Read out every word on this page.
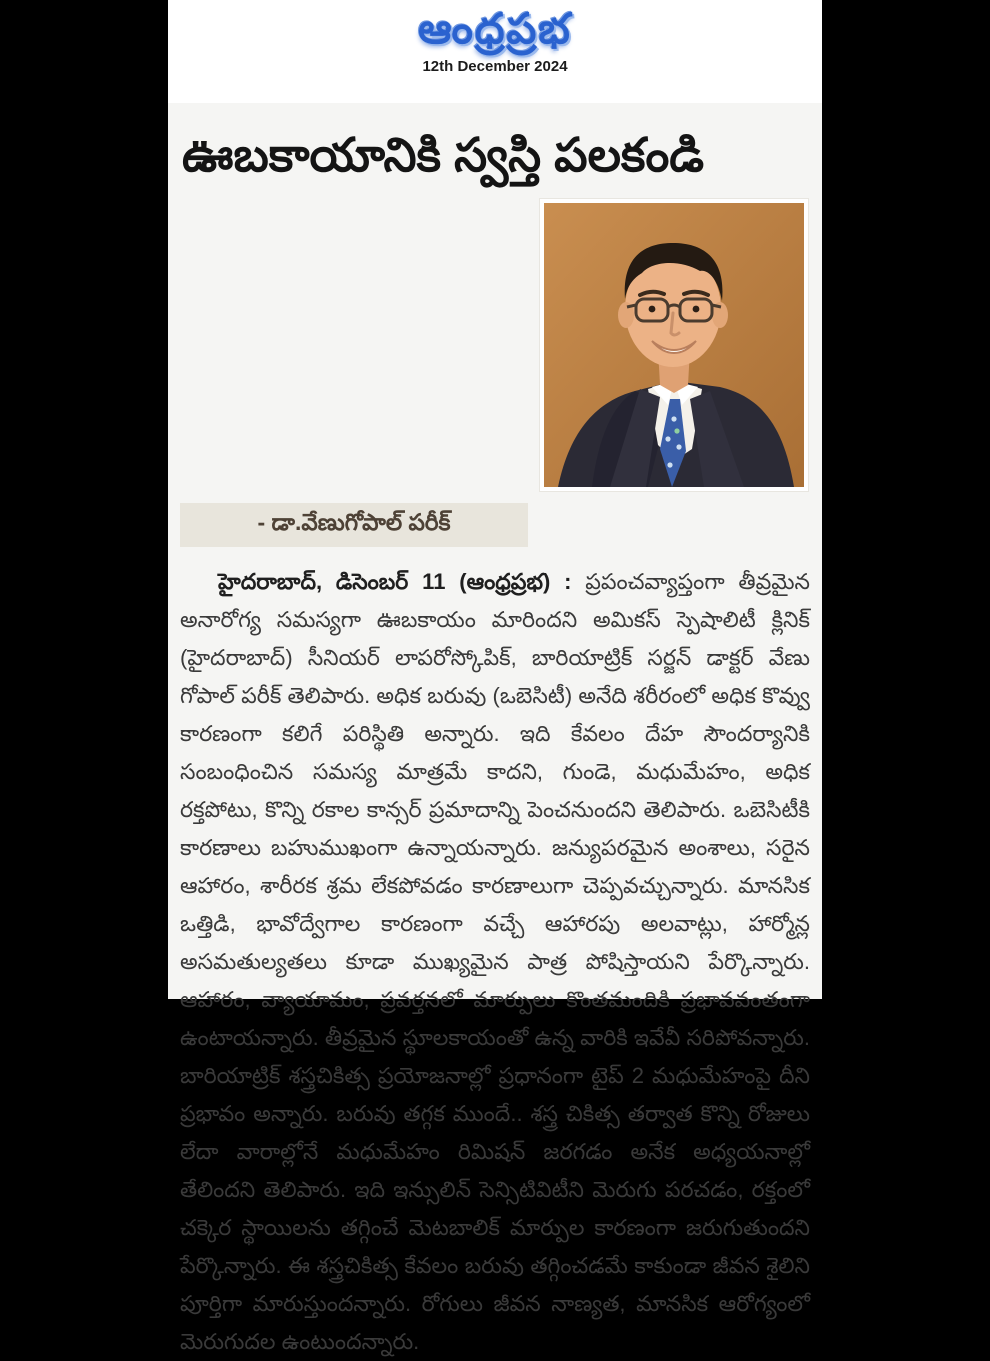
ఆంధ్రప్రభ
12th December 2024
ఊబకాయానికి స్వస్తి పలకండి
- డా.వేణుగోపాల్ పరీక్

హైదరాబాద్, డిసెంబర్ 11 (ఆంధ్రప్రభ) : ప్రపంచవ్యాప్తంగా తీవ్రమైన అనారోగ్య సమస్యగా ఊబకాయం మారిందని అమికస్ స్పెషాలిటీ క్లినిక్ (హైదరాబాద్) సీనియర్ లాపరోస్కోపిక్, బారియాట్రిక్ సర్జన్ డాక్టర్ వేణు గోపాల్ పరీక్ తెలిపారు. అధిక బరువు (ఒబెసిటీ) అనేది శరీరంలో అధిక కొవ్వు కారణంగా కలిగే పరిస్థితి అన్నారు. ఇది కేవలం దేహ సౌందర్యానికి సంబంధించిన సమస్య మాత్రమే కాదని, గుండె, మధుమేహం, అధిక రక్తపోటు, కొన్ని రకాల కాన్సర్ ప్రమాదాన్ని పెంచనుందని తెలిపారు. ఒబెసిటీకి కారణాలు బహుముఖంగా ఉన్నాయన్నారు. జన్యుపరమైన అంశాలు, సరైన ఆహారం, శారీరక శ్రమ లేకపోవడం కారణాలుగా చెప్పవచ్చున్నారు. మానసిక ఒత్తిడి, భావోద్వేగాల కారణంగా వచ్చే ఆహారపు అలవాట్లు, హార్మోన్ల అసమతుల్యతలు కూడా ముఖ్యమైన పాత్ర పోషిస్తాయని పేర్కొన్నారు. ఆహారం, వ్యాయామం, ప్రవర్తనలో మార్పులు కొంతమందికి ప్రభావవంతంగా ఉంటాయన్నారు. తీవ్రమైన స్థూలకాయంతో ఉన్న వారికి ఇవేవీ సరిపోవన్నారు. బారియాట్రిక్ శస్త్రచికిత్స ప్రయోజనాల్లో ప్రధానంగా టైప్ 2 మధుమేహంపై దీని ప్రభావం అన్నారు. బరువు తగ్గక ముందే.. శస్త్ర చికిత్స తర్వాత కొన్ని రోజులు లేదా వారాల్లోనే మధుమేహం రిమిషన్ జరగడం అనేక అధ్యయనాల్లో తేలిందని తెలిపారు. ఇది ఇన్సులిన్ సెన్సిటివిటీని మెరుగు పరచడం, రక్తంలో చక్కెర స్థాయిలను తగ్గించే మెటబాలిక్ మార్పుల కారణంగా జరుగుతుందని పేర్కొన్నారు. ఈ శస్త్రచికిత్స కేవలం బరువు తగ్గించడమే కాకుండా జీవన శైలిని పూర్తిగా మారుస్తుందన్నారు. రోగులు జీవన నాణ్యత, మానసిక ఆరోగ్యంలో మెరుగుదల ఉంటుందన్నారు.
